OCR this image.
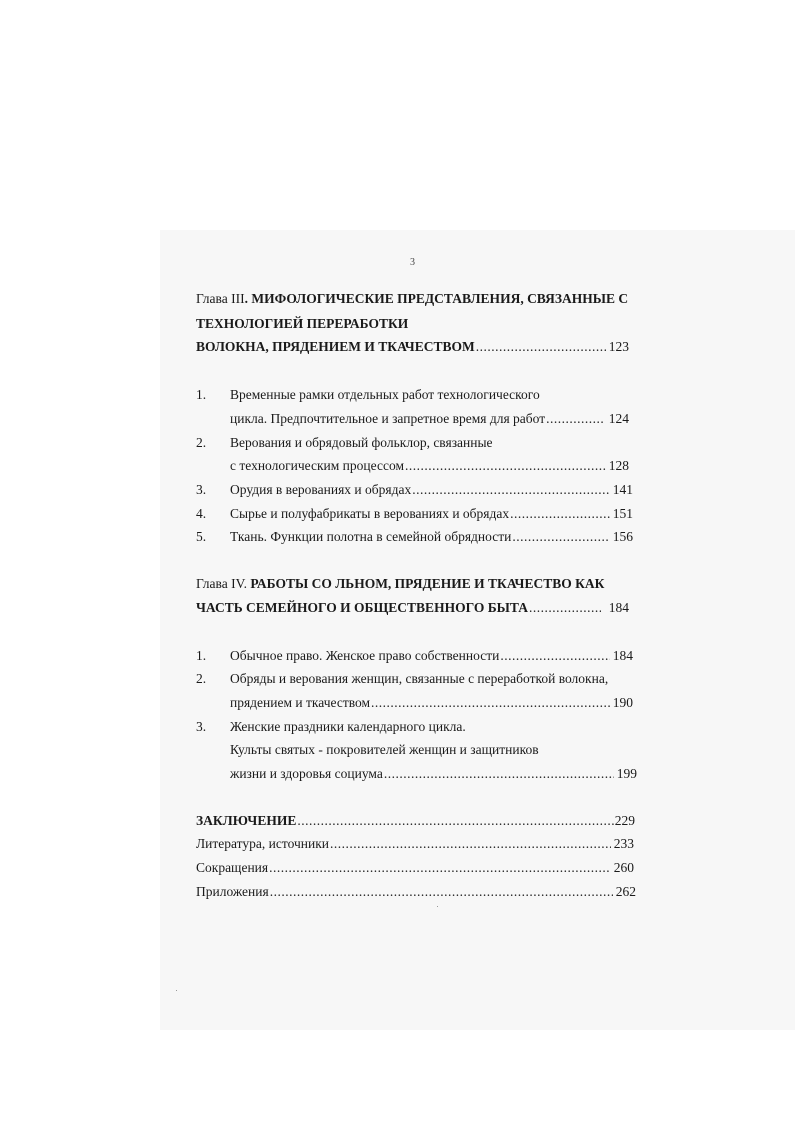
3
Глава III. МИФОЛОГИЧЕСКИЕ ПРЕДСТАВЛЕНИЯ, СВЯЗАННЫЕ С
ТЕХНОЛОГИЕЙ ПЕРЕРАБОТКИ
ВОЛОКНА, ПРЯДЕНИЕМ И ТКАЧЕСТВОМ .....	123
1. Временные рамки отдельных работ технологического
цикла. Предпочтительное и запретное время для работ .....	124
2. Верования и обрядовый фольклор, связанные
с технологическим процессом .....	128
3. Орудия в верованиях и обрядах .....	141
4. Сырье и полуфабрикаты в верованиях и обрядах .....	151
5. Ткань. Функции полотна в семейной обрядности .....	156
Глава IV. РАБОТЫ СО ЛЬНОМ, ПРЯДЕНИЕ И ТКАЧЕСТВО КАК
ЧАСТЬ СЕМЕЙНОГО И ОБЩЕСТВЕННОГО БЫТА .....	184
1. Обычное право. Женское право собственности .....	184
2. Обряды и верования женщин, связанные с переработкой волокна,
прядением и ткачеством .....	190
3. Женские праздники календарного цикла.
Культы святых - покровителей женщин и защитников
жизни и здоровья социума .....	199
ЗАКЛЮЧЕНИЕ .....	229
Литература, источники .....	233
Сокращения .....	260
Приложения .....	262
